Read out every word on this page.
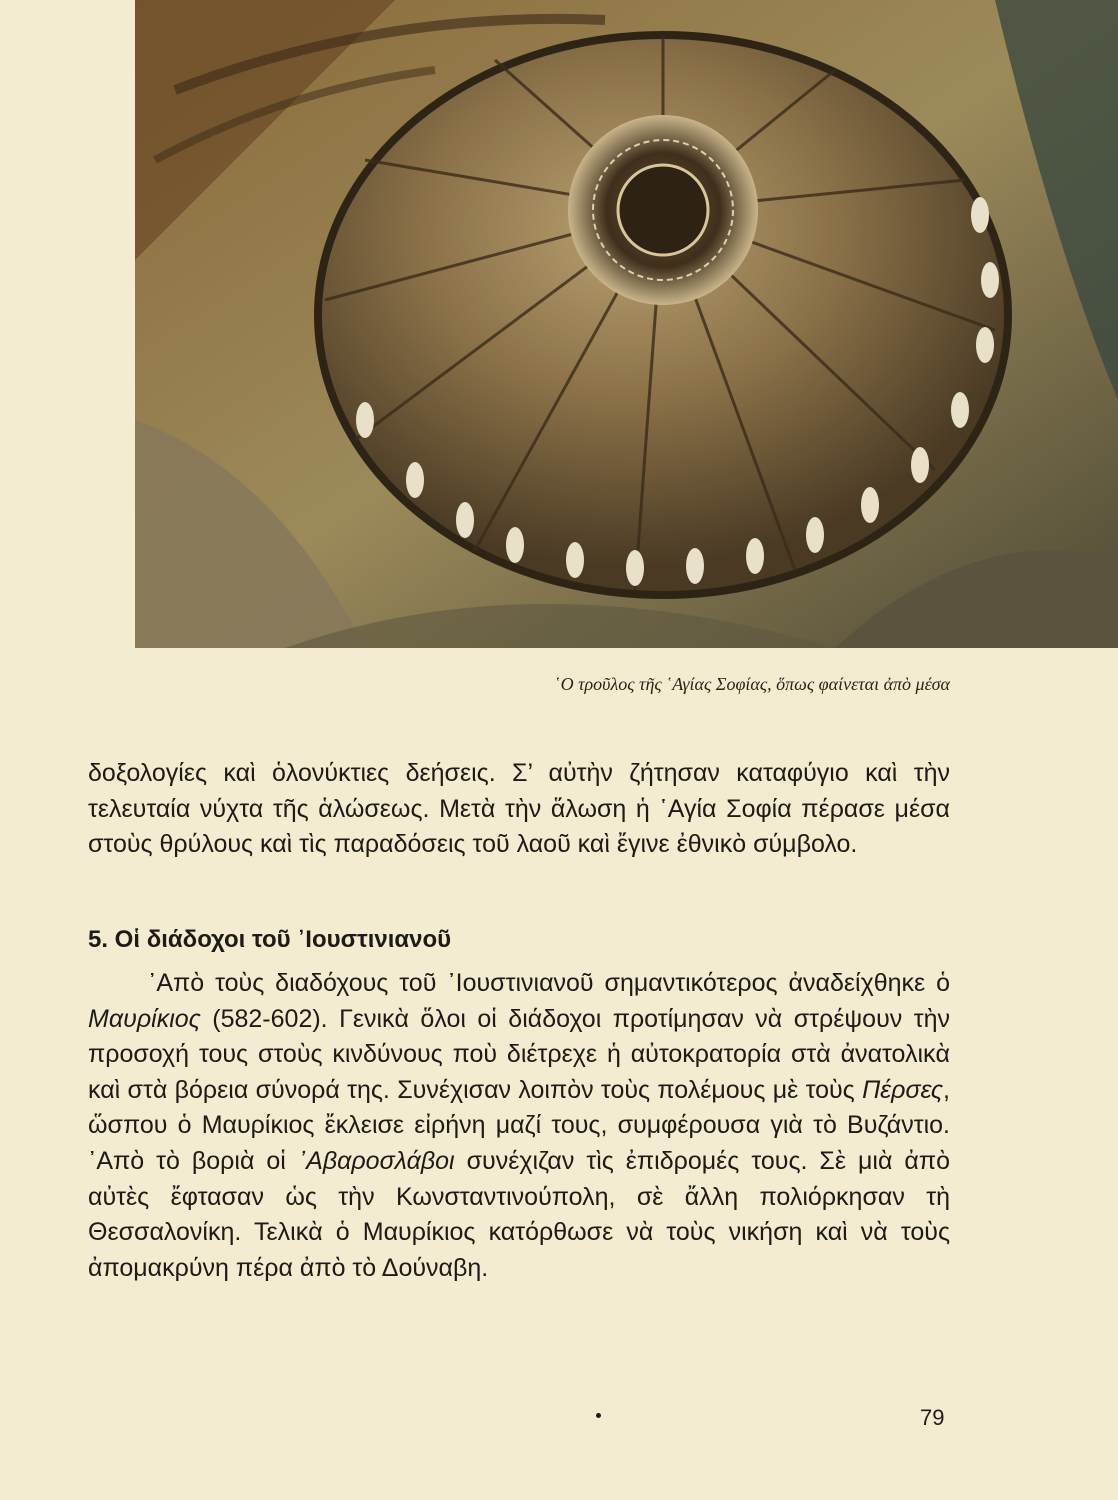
῾Ο τροῦλος τῆς ῾Αγίας Σοφίας, ὅπως φαίνεται ἀπὸ μέσα

δοξολογίες καὶ ὁλονύκτιες δεήσεις. Σ’ αὐτὴν ζήτησαν καταφύγιο καὶ τὴν τελευταία νύχτα τῆς ἁλώσεως. Μετὰ τὴν ἅλωση ἡ ῾Αγία Σοφία πέρασε μέσα στοὺς θρύλους καὶ τὶς παραδόσεις τοῦ λαοῦ καὶ ἔγινε ἐθνικὸ σύμβολο.

5. Οἱ διάδοχοι τοῦ ᾿Ιουστινιανοῦ

᾿Απὸ τοὺς διαδόχους τοῦ ᾿Ιουστινιανοῦ σημαντικότερος ἀναδείχθηκε ὁ Μαυρίκιος (582-602). Γενικὰ ὅλοι οἱ διάδοχοι προτίμησαν νὰ στρέψουν τὴν προσοχή τους στοὺς κινδύνους ποὺ διέτρεχε ἡ αὐτοκρατορία στὰ ἀνατολικὰ καὶ στὰ βόρεια σύνορά της. Συνέχισαν λοιπὸν τοὺς πολέμους μὲ τοὺς Πέρσες, ὥσπου ὁ Μαυρίκιος ἔκλεισε εἰρήνη μαζί τους, συμφέρουσα γιὰ τὸ Βυζάντιο. ᾿Απὸ τὸ βοριὰ οἱ ᾿Αβαροσλάβοι συνέχιζαν τὶς ἐπιδρομές τους. Σὲ μιὰ ἀπὸ αὐτὲς ἔφτασαν ὡς τὴν Κωνσταντινούπολη, σὲ ἄλλη πολιόρκησαν τὴ Θεσσαλονίκη. Τελικὰ ὁ Μαυρίκιος κατόρθωσε νὰ τοὺς νικήση καὶ νὰ τοὺς ἀπομακρύνη πέρα ἀπὸ τὸ Δούναβη.

79
